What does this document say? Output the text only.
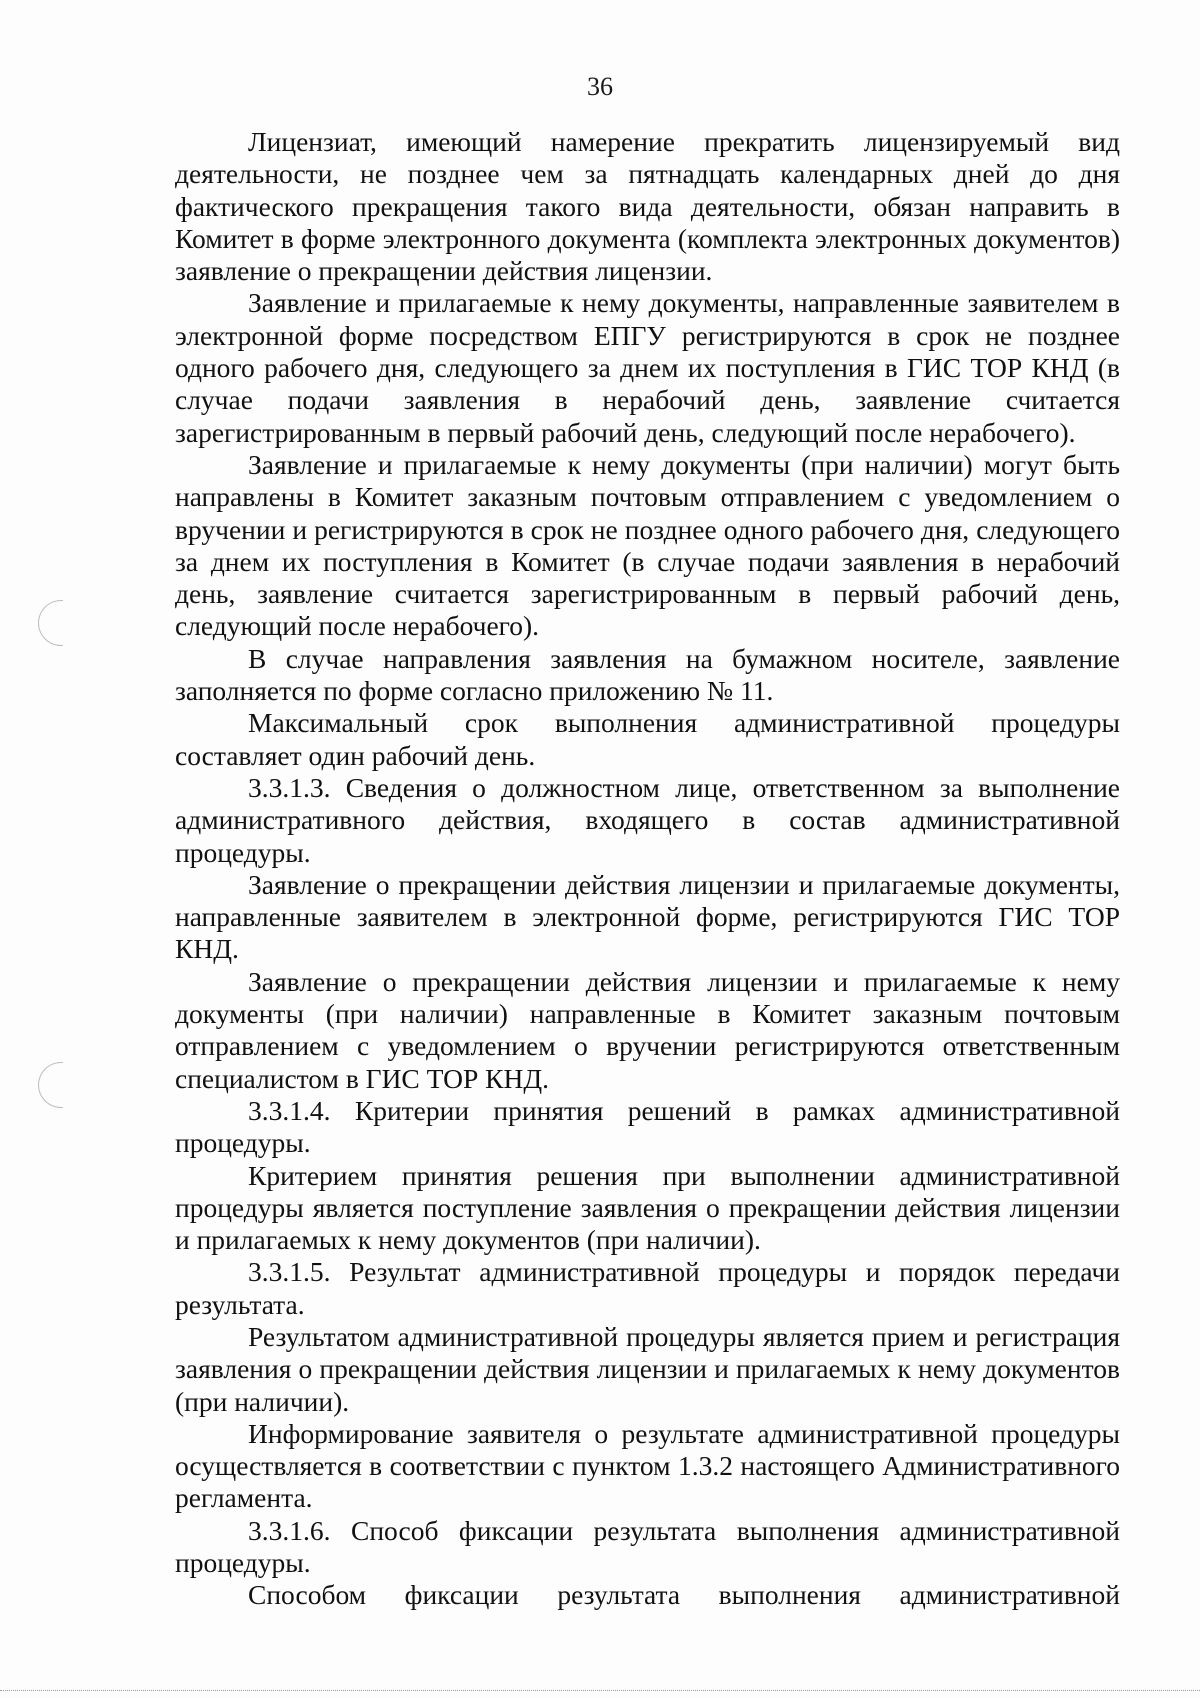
36

Лицензиат, имеющий намерение прекратить лицензируемый вид деятельности, не позднее чем за пятнадцать календарных дней до дня фактического прекращения такого вида деятельности, обязан направить в Комитет в форме электронного документа (комплекта электронных документов) заявление о прекращении действия лицензии.

Заявление и прилагаемые к нему документы, направленные заявителем в электронной форме посредством ЕПГУ регистрируются в срок не позднее одного рабочего дня, следующего за днем их поступления в ГИС ТОР КНД (в случае подачи заявления в нерабочий день, заявление считается зарегистрированным в первый рабочий день, следующий после нерабочего).

Заявление и прилагаемые к нему документы (при наличии) могут быть направлены в Комитет заказным почтовым отправлением с уведомлением о вручении и регистрируются в срок не позднее одного рабочего дня, следующего за днем их поступления в Комитет (в случае подачи заявления в нерабочий день, заявление считается зарегистрированным в первый рабочий день, следующий после нерабочего).

В случае направления заявления на бумажном носителе, заявление заполняется по форме согласно приложению № 11.

Максимальный срок выполнения административной процедуры составляет один рабочий день.

3.3.1.3. Сведения о должностном лице, ответственном за выполнение административного действия, входящего в состав административной процедуры.

Заявление о прекращении действия лицензии и прилагаемые документы, направленные заявителем в электронной форме, регистрируются ГИС ТОР КНД.

Заявление о прекращении действия лицензии и прилагаемые к нему документы (при наличии) направленные в Комитет заказным почтовым отправлением с уведомлением о вручении регистрируются ответственным специалистом в ГИС ТОР КНД.

3.3.1.4. Критерии принятия решений в рамках административной процедуры.

Критерием принятия решения при выполнении административной процедуры является поступление заявления о прекращении действия лицензии и прилагаемых к нему документов (при наличии).

3.3.1.5. Результат административной процедуры и порядок передачи результата.

Результатом административной процедуры является прием и регистрация заявления о прекращении действия лицензии и прилагаемых к нему документов (при наличии).

Информирование заявителя о результате административной процедуры осуществляется в соответствии с пунктом 1.3.2 настоящего Административного регламента.

3.3.1.6. Способ фиксации результата выполнения административной процедуры.

Способом фиксации результата выполнения административной
